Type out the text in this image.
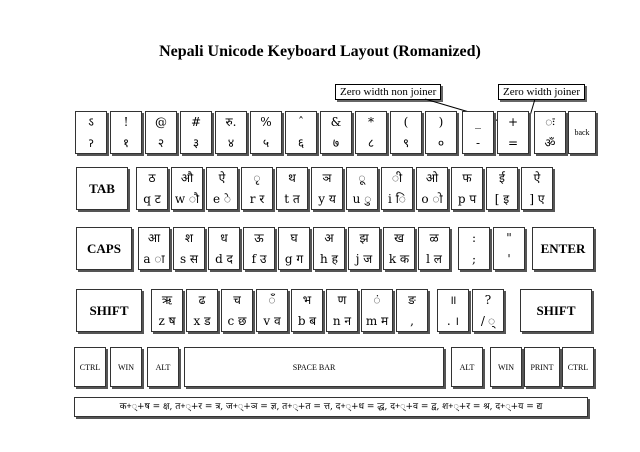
Nepali Unicode Keyboard Layout (Romanized)
Zero width non joiner	Zero width joiner
ऽ
ॽ
!
१
@
२
#
३
रु.
४
%
५
ˆ
६
&
७
*
८
(
९
)
०
_
-
+
=
ः
ॐ
back
TAB
ठ
q ट
औ
w ौ
ऐ
e े
ृ
r र
थ
t त
ञ
y य
ू
u ु
ी
i ि
ओ
o ो
फ
p प
ई
[ इ
ऐ
] ए
CAPS
आ
a ा
श
s स
ध
d द
ऊ
f उ
घ
g ग
अ
h ह
झ
j ज
ख
k क
ळ
l ल
:
;
"
'
ENTER
SHIFT
ऋ
z ष
ढ
x ड
च
c छ
ँ
v व
भ
b ब
ण
n न
ं
m म
ङ
,
॥
. ।
?
/ ्
SHIFT
CTRL	WIN	ALT	SPACE BAR	ALT	WIN	PRINT	CTRL
क+्+ष = क्ष, त+्+र = त्र, ज+्+ञ = ज्ञ, त+्+त = त्त, द+्+ध = द्ध, द+्+व = द्व, श+्+र = श्र, द+्+य = द्य
